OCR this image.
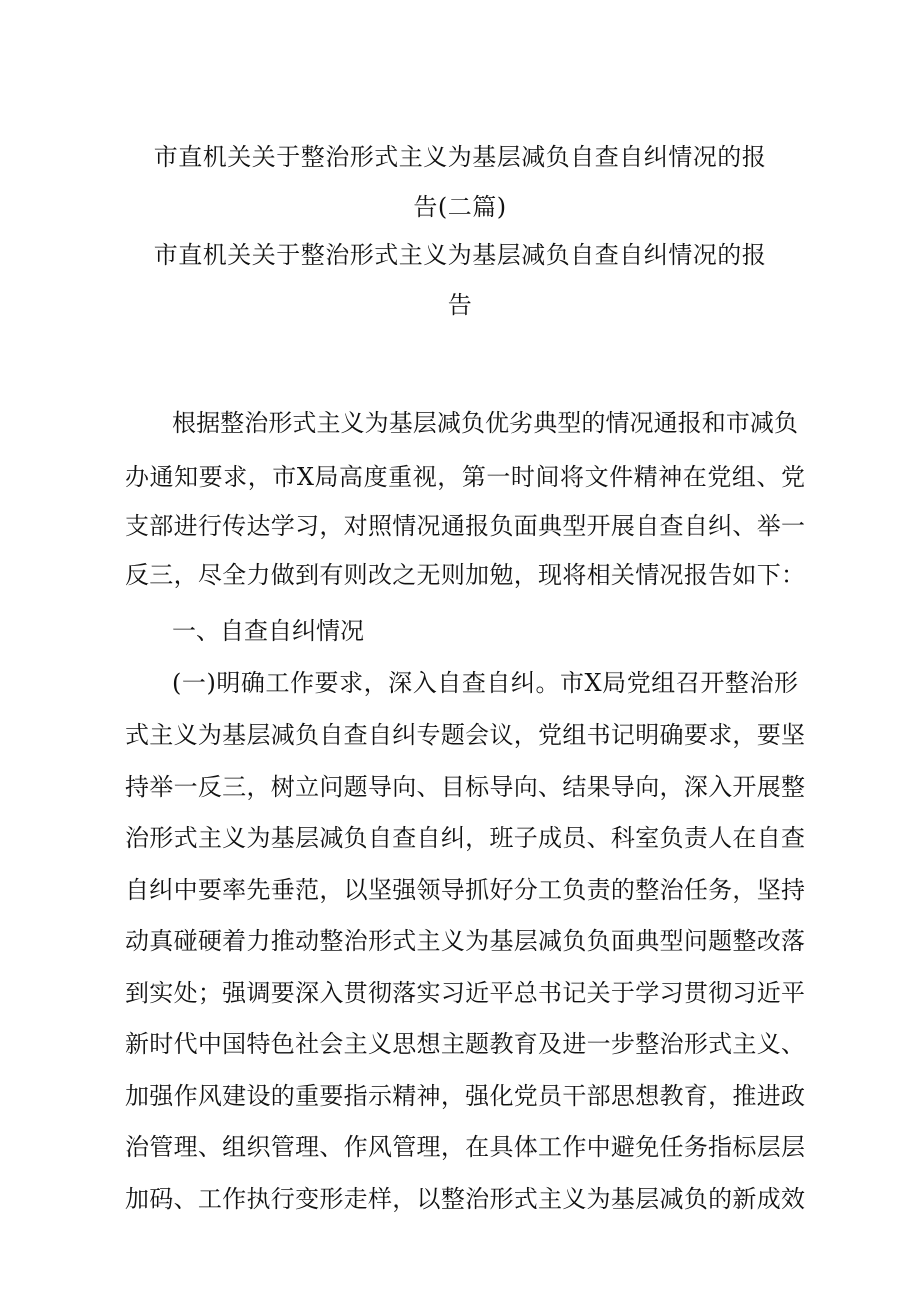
市直机关关于整治形式主义为基层减负自查自纠情况的报
告(二篇)
市直机关关于整治形式主义为基层减负自查自纠情况的报
告
根据整治形式主义为基层减负优劣典型的情况通报和市减负
办通知要求，市X局高度重视，第一时间将文件精神在党组、党
支部进行传达学习，对照情况通报负面典型开展自查自纠、举一
反三，尽全力做到有则改之无则加勉，现将相关情况报告如下：
一、自查自纠情况
(一)明确工作要求，深入自查自纠。市X局党组召开整治形
式主义为基层减负自查自纠专题会议，党组书记明确要求，要坚
持举一反三，树立问题导向、目标导向、结果导向，深入开展整
治形式主义为基层减负自查自纠，班子成员、科室负责人在自查
自纠中要率先垂范，以坚强领导抓好分工负责的整治任务，坚持
动真碰硬着力推动整治形式主义为基层减负负面典型问题整改落
到实处；强调要深入贯彻落实习近平总书记关于学习贯彻习近平
新时代中国特色社会主义思想主题教育及进一步整治形式主义、
加强作风建设的重要指示精神，强化党员干部思想教育，推进政
治管理、组织管理、作风管理，在具体工作中避免任务指标层层
加码、工作执行变形走样，以整治形式主义为基层减负的新成效
